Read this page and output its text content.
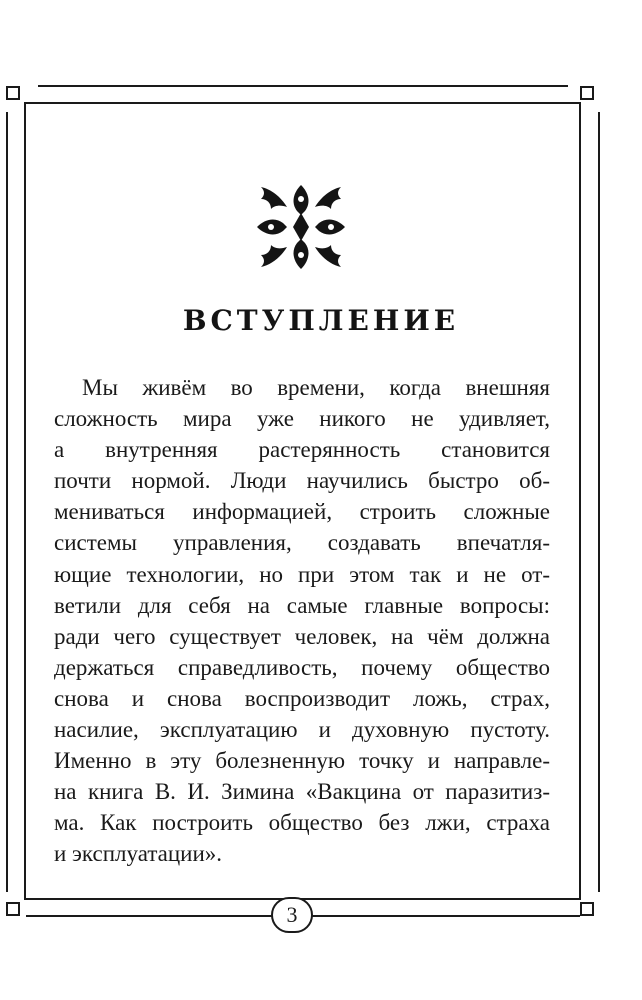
ВСТУПЛЕНИЕ

Мы живём во времени, когда внешняя
сложность мира уже никого не удивляет,
а внутренняя растерянность становится
почти нормой. Люди научились быстро об-
мениваться информацией, строить сложные
системы управления, создавать впечатля-
ющие технологии, но при этом так и не от-
ветили для себя на самые главные вопросы:
ради чего существует человек, на чём должна
держаться справедливость, почему общество
снова и снова воспроизводит ложь, страх,
насилие, эксплуатацию и духовную пустоту.
Именно в эту болезненную точку и направле-
на книга В. И. Зимина «Вакцина от паразитиз-
ма. Как построить общество без лжи, страха
и эксплуатации».

3
